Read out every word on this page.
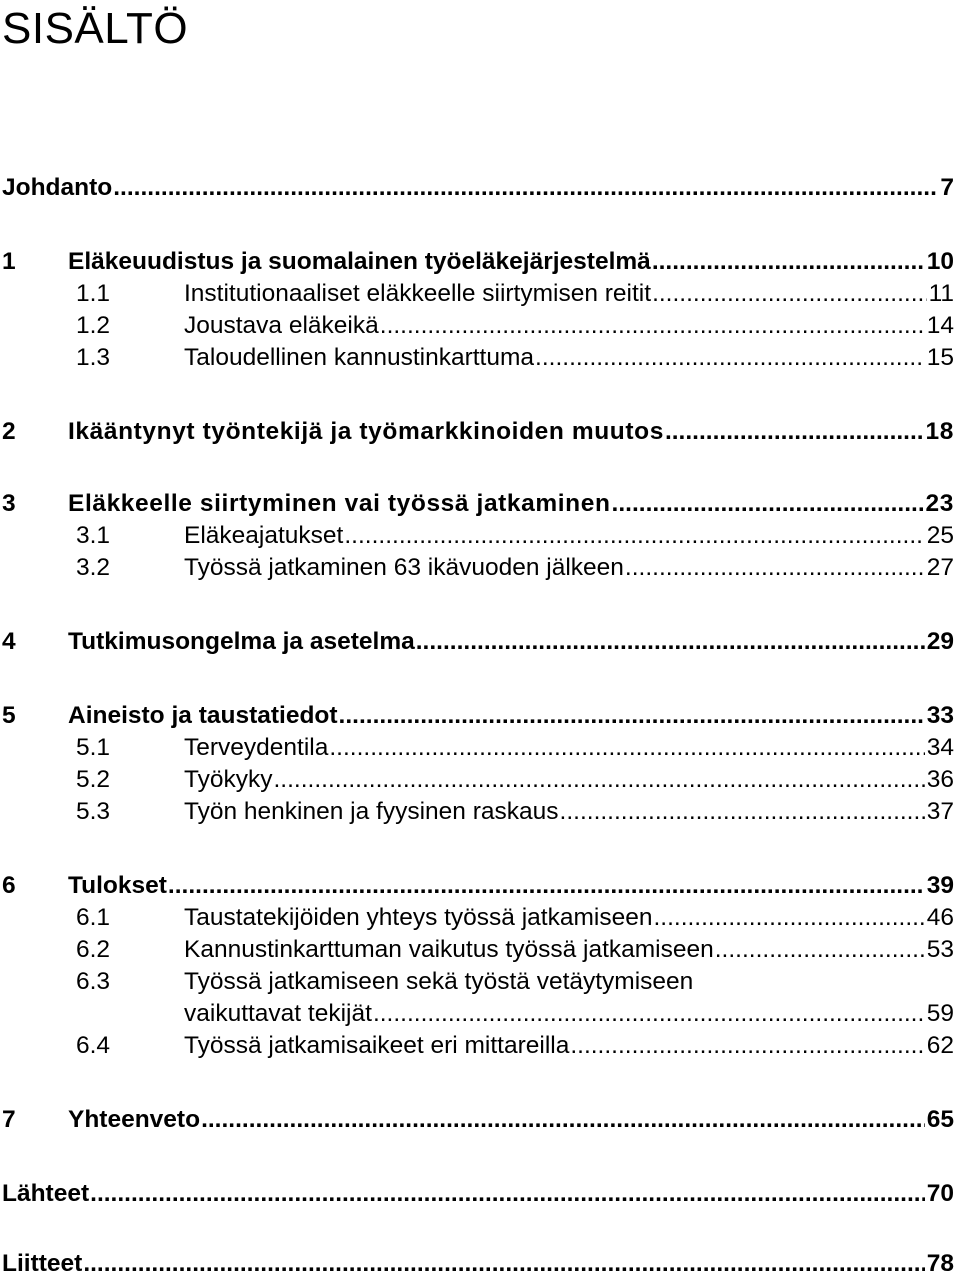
SISÄLTÖ
Johdanto .....	7
1	Eläkeuudistus ja suomalainen työeläkejärjestelmä .....	10
1.1	Institutionaaliset eläkkeelle siirtymisen reitit .....	11
1.2	Joustava eläkeikä .....	14
1.3	Taloudellinen kannustinkarttuma .....	15
2	Ikääntynyt työntekijä ja työmarkkinoiden muutos .....	18
3	Eläkkeelle siirtyminen vai työssä jatkaminen .....	23
3.1	Eläkeajatukset .....	25
3.2	Työssä jatkaminen 63 ikävuoden jälkeen .....	27
4	Tutkimusongelma ja asetelma .....	29
5	Aineisto ja taustatiedot .....	33
5.1	Terveydentila .....	34
5.2	Työkyky .....	36
5.3	Työn henkinen ja fyysinen raskaus .....	37
6	Tulokset .....	39
6.1	Taustatekijöiden yhteys työssä jatkamiseen .....	46
6.2	Kannustinkarttuman vaikutus työssä jatkamiseen .....	53
6.3	Työssä jatkamiseen sekä työstä vetäytymiseen
vaikuttavat tekijät .....	59
6.4	Työssä jatkamisaikeet eri mittareilla .....	62
7	Yhteenveto .....	65
Lähteet .....	70
Liitteet .....	78
